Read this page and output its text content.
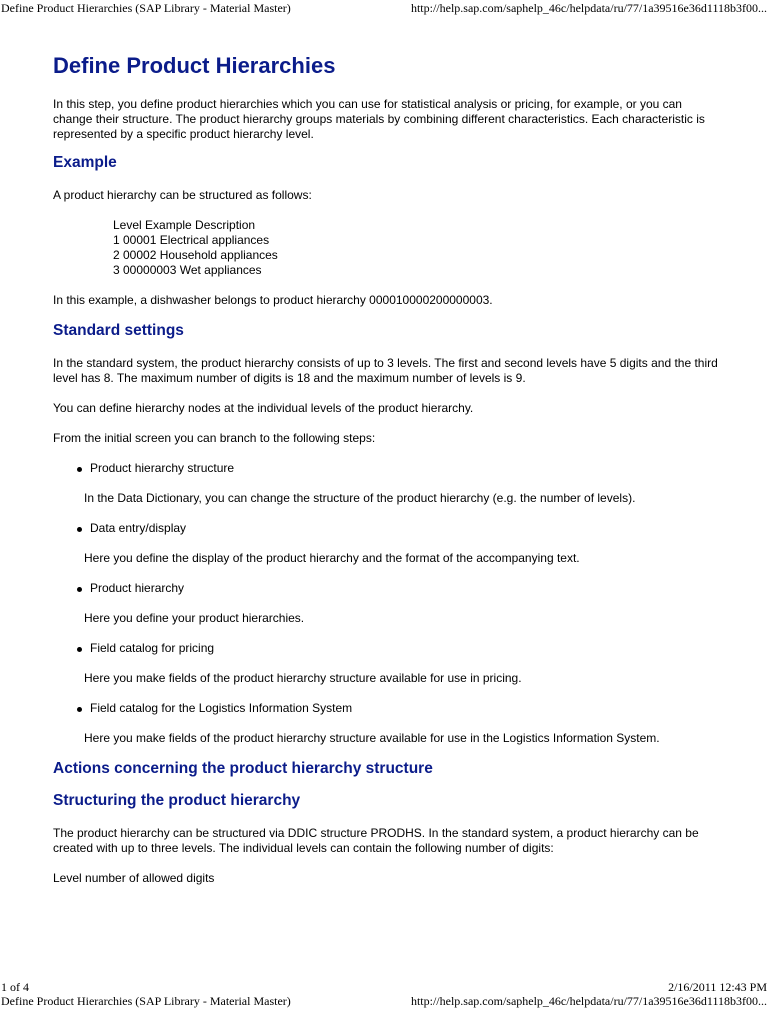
Define Product Hierarchies (SAP Library - Material Master)	http://help.sap.com/saphelp_46c/helpdata/ru/77/1a39516e36d1118b3f00...
Define Product Hierarchies

In this step, you define product hierarchies which you can use for statistical analysis or pricing, for example, or you can change their structure. The product hierarchy groups materials by combining different characteristics. Each characteristic is represented by a specific product hierarchy level.

Example

A product hierarchy can be structured as follows:

Level Example Description
1 00001 Electrical appliances
2 00002 Household appliances
3 00000003 Wet appliances

In this example, a dishwasher belongs to product hierarchy 000010000200000003.

Standard settings

In the standard system, the product hierarchy consists of up to 3 levels. The first and second levels have 5 digits and the third level has 8. The maximum number of digits is 18 and the maximum number of levels is 9.

You can define hierarchy nodes at the individual levels of the product hierarchy.

From the initial screen you can branch to the following steps:

Product hierarchy structure
In the Data Dictionary, you can change the structure of the product hierarchy (e.g. the number of levels).
Data entry/display
Here you define the display of the product hierarchy and the format of the accompanying text.
Product hierarchy
Here you define your product hierarchies.
Field catalog for pricing
Here you make fields of the product hierarchy structure available for use in pricing.
Field catalog for the Logistics Information System
Here you make fields of the product hierarchy structure available for use in the Logistics Information System.
Actions concerning the product hierarchy structure
Structuring the product hierarchy

The product hierarchy can be structured via DDIC structure PRODHS. In the standard system, a product hierarchy can be created with up to three levels. The individual levels can contain the following number of digits:

Level number of allowed digits

1 of 4	2/16/2011 12:43 PM
Define Product Hierarchies (SAP Library - Material Master)	http://help.sap.com/saphelp_46c/helpdata/ru/77/1a39516e36d1118b3f00...
